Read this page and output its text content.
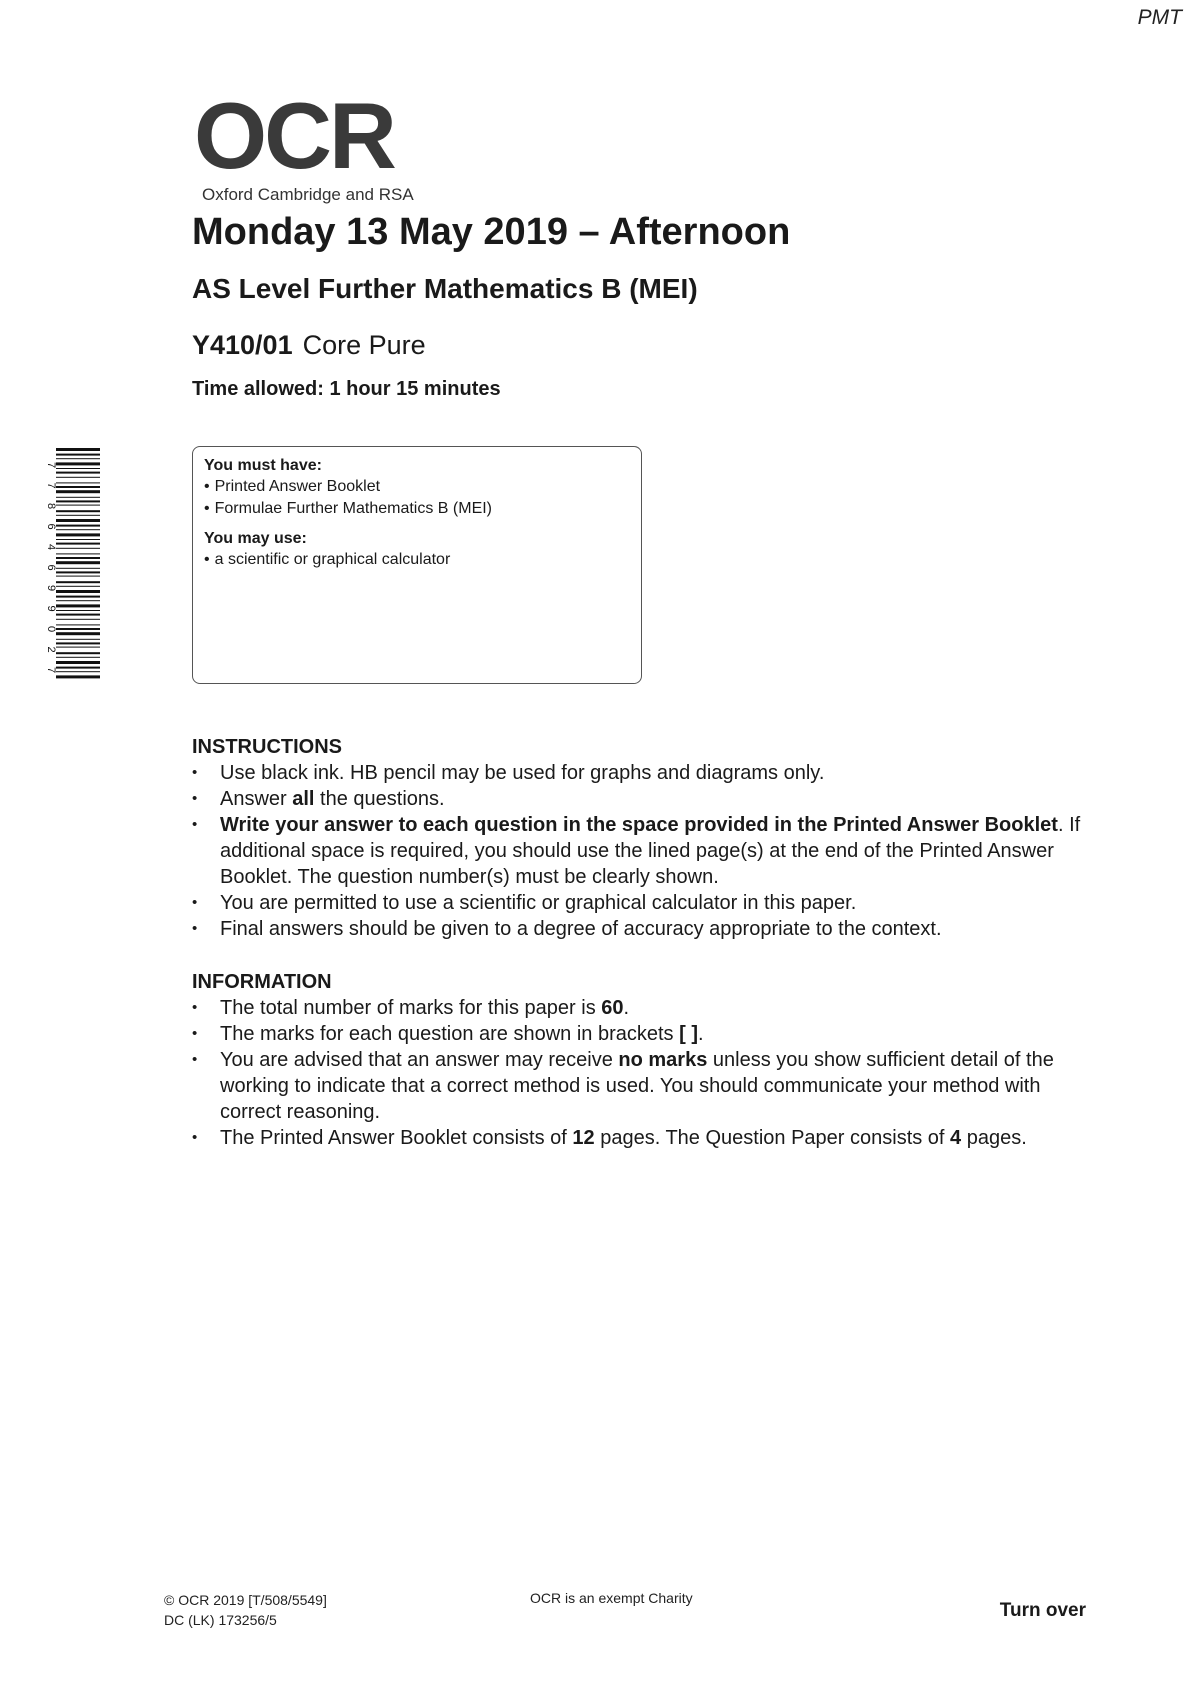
PMT
OCR
Oxford Cambridge and RSA
Monday 13 May 2019 – Afternoon
AS Level Further Mathematics B (MEI)
Y410/01 Core Pure
Time allowed: 1 hour 15 minutes
7
7
8
6
4
6
9
9
0
2
7
You must have:
• Printed Answer Booklet
• Formulae Further Mathematics B (MEI)
You may use:
• a scientific or graphical calculator
INSTRUCTIONS
• Use black ink. HB pencil may be used for graphs and diagrams only.
• Answer all the questions.
• Write your answer to each question in the space provided in the Printed Answer Booklet. If additional space is required, you should use the lined page(s) at the end of the Printed Answer Booklet. The question number(s) must be clearly shown.
• You are permitted to use a scientific or graphical calculator in this paper.
• Final answers should be given to a degree of accuracy appropriate to the context.
INFORMATION
• The total number of marks for this paper is 60.
• The marks for each question are shown in brackets [ ].
• You are advised that an answer may receive no marks unless you show sufficient detail of the working to indicate that a correct method is used. You should communicate your method with correct reasoning.
• The Printed Answer Booklet consists of 12 pages. The Question Paper consists of 4 pages.
© OCR 2019 [T/508/5549]
DC (LK) 173256/5
OCR is an exempt Charity
Turn over
